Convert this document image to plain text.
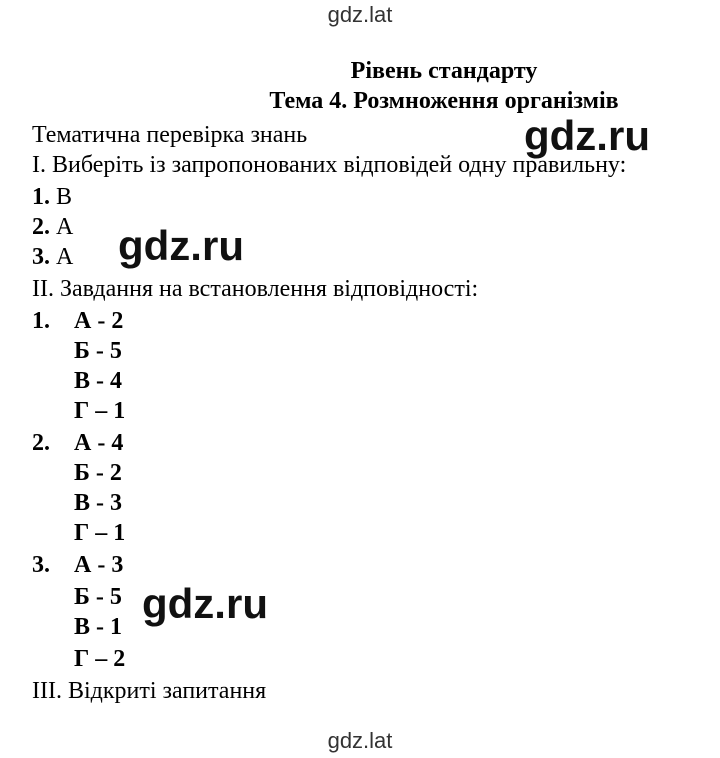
gdz.lat
Рівень стандарту
Тема 4. Розмноження організмів
Тематична перевірка знань
І. Виберіть із запропонованих відповідей одну правильну:
1. В
2. А
3. А
ІІ. Завдання на встановлення відповідності:
1. А - 2
Б - 5
В - 4
Г – 1
2. А - 4
Б - 2
В - 3
Г – 1
3. А - 3
Б - 5
В - 1
Г – 2
ІІІ. Відкриті запитання
gdz.ru
gdz.ru
gdz.ru
gdz.lat
